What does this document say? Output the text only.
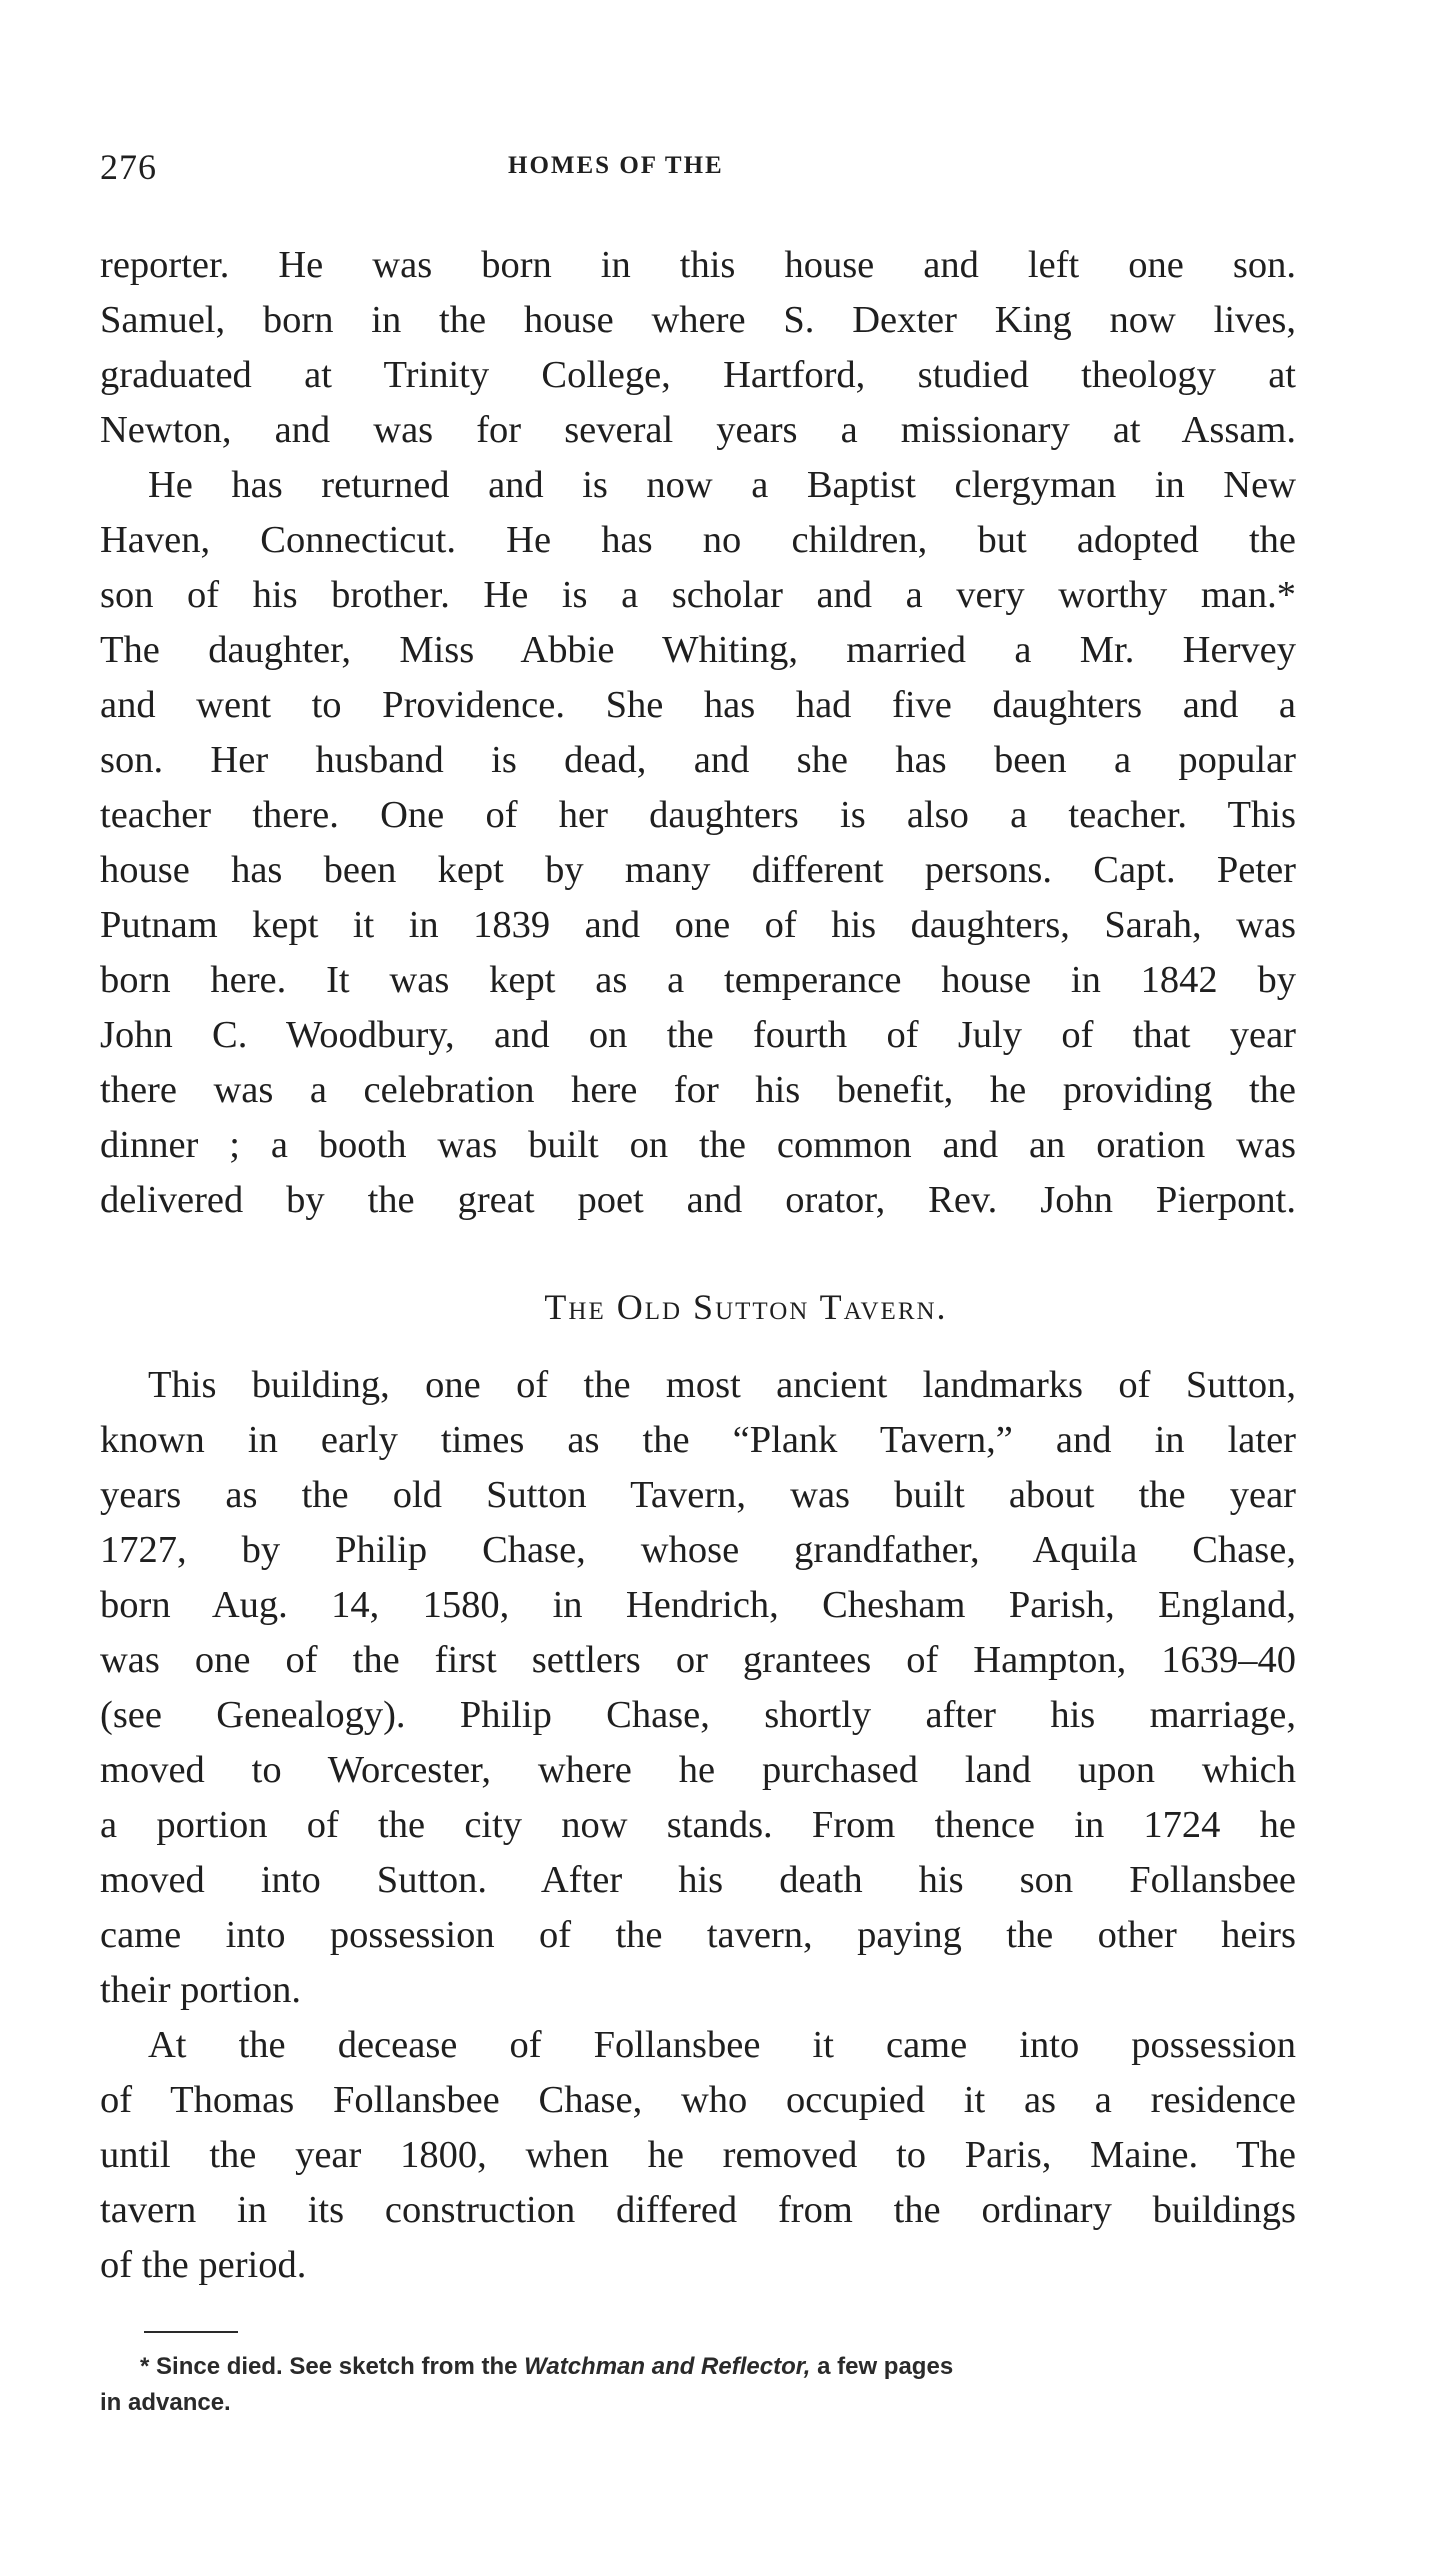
276	HOMES OF THE

reporter. He was born in this house and left one son.
Samuel, born in the house where S. Dexter King now lives,
graduated at Trinity College, Hartford, studied theology at
Newton, and was for several years a missionary at Assam.

He has returned and is now a Baptist clergyman in New
Haven, Connecticut. He has no children, but adopted the
son of his brother. He is a scholar and a very worthy man.*
The daughter, Miss Abbie Whiting, married a Mr. Hervey
and went to Providence. She has had five daughters and a
son. Her husband is dead, and she has been a popular
teacher there. One of her daughters is also a teacher. This
house has been kept by many different persons. Capt. Peter
Putnam kept it in 1839 and one of his daughters, Sarah, was
born here. It was kept as a temperance house in 1842 by
John C. Woodbury, and on the fourth of July of that year
there was a celebration here for his benefit, he providing the
dinner ; a booth was built on the common and an oration was
delivered by the great poet and orator, Rev. John Pierpont.

The Old Sutton Tavern.

This building, one of the most ancient landmarks of Sutton,
known in early times as the “Plank Tavern,” and in later
years as the old Sutton Tavern, was built about the year
1727, by Philip Chase, whose grandfather, Aquila Chase,
born Aug. 14, 1580, in Hendrich, Chesham Parish, England,
was one of the first settlers or grantees of Hampton, 1639–40
(see Genealogy). Philip Chase, shortly after his marriage,
moved to Worcester, where he purchased land upon which
a portion of the city now stands. From thence in 1724 he
moved into Sutton. After his death his son Follansbee
came into possession of the tavern, paying the other heirs
their portion.

At the decease of Follansbee it came into possession
of Thomas Follansbee Chase, who occupied it as a residence
until the year 1800, when he removed to Paris, Maine. The
tavern in its construction differed from the ordinary buildings
of the period.

* Since died. See sketch from the Watchman and Reflector, a few pages
in advance.
